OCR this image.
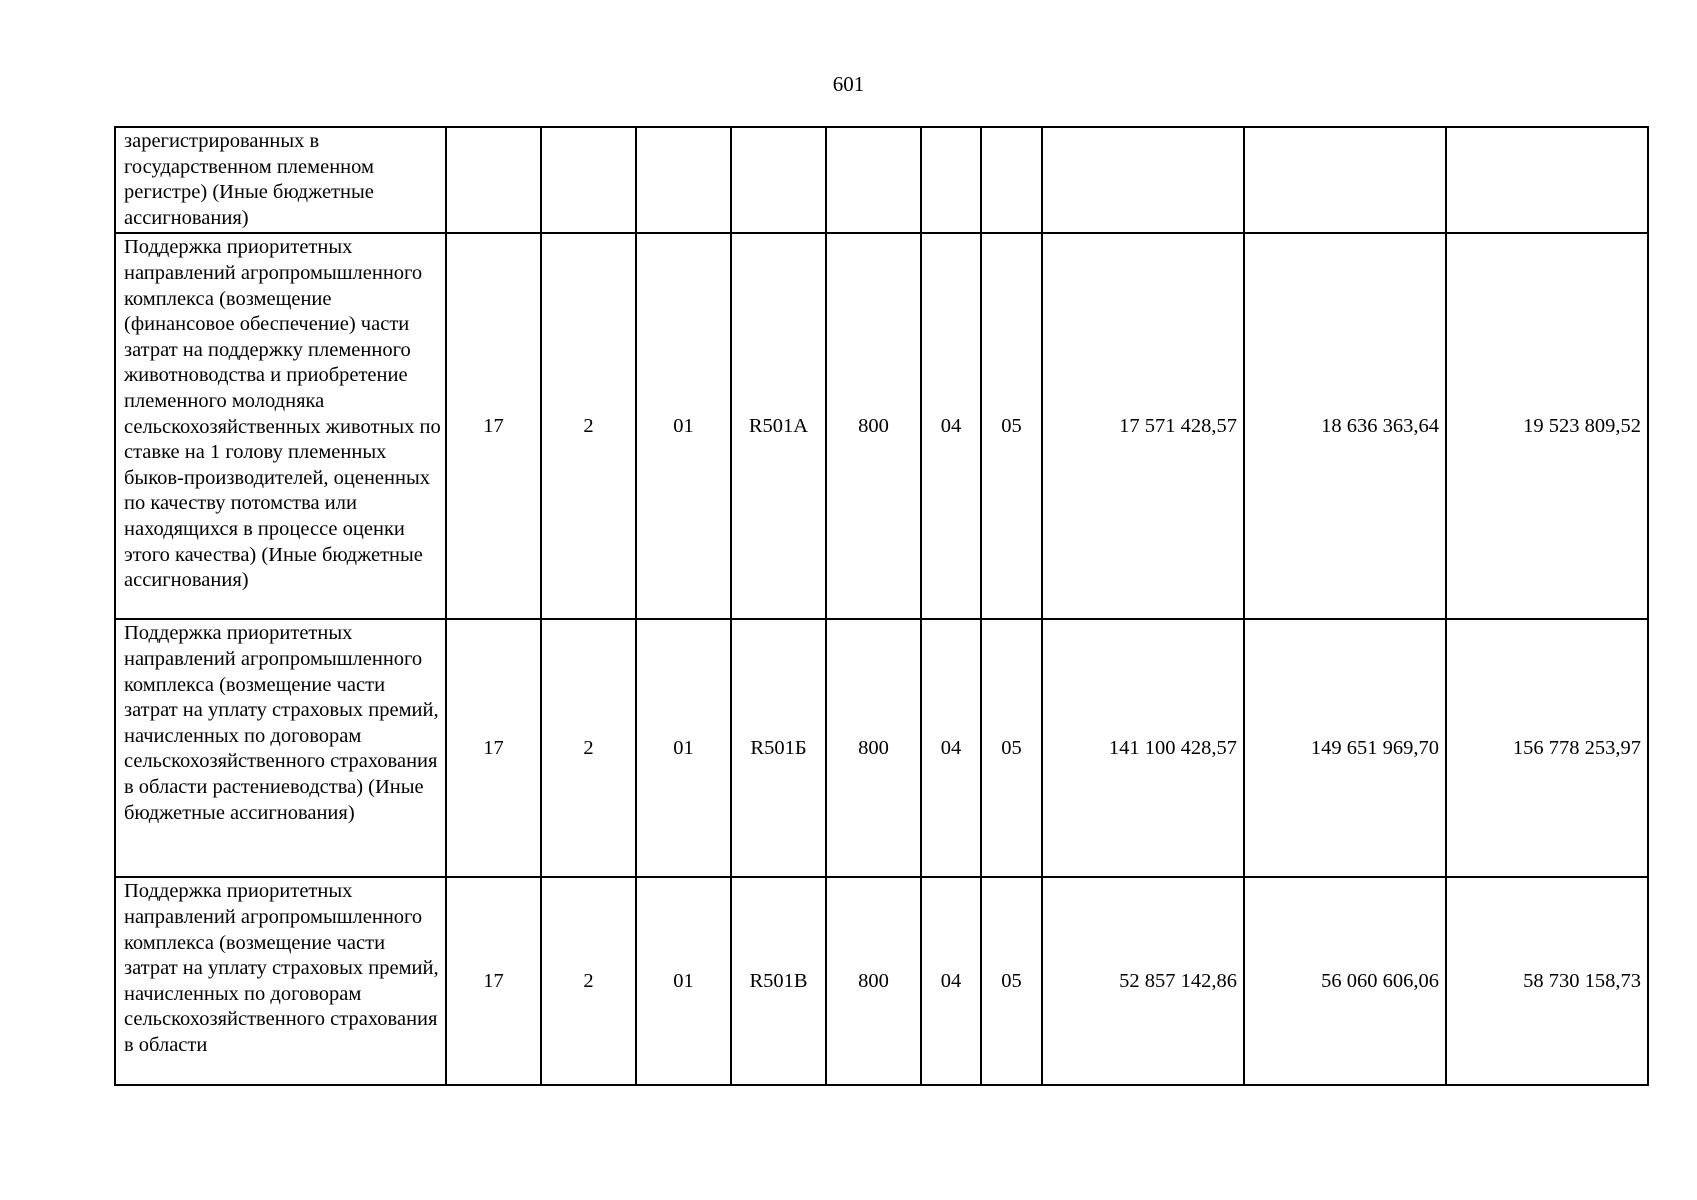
601
зарегистрированных в государственном племенном регистре) (Иные бюджетные ассигнования)										
Поддержка приоритетных направлений агропромышленного комплекса (возмещение (финансовое обеспечение) части затрат на поддержку племенного животноводства и приобретение племенного молодняка сельскохозяйственных животных по ставке на 1 голову племенных быков-производителей, оцененных по качеству потомства или находящихся в процессе оценки этого качества) (Иные бюджетные ассигнования)	17	2	01	R501A	800	04	05	17 571 428,57	18 636 363,64	19 523 809,52
Поддержка приоритетных направлений агропромышленного комплекса (возмещение части затрат на уплату страховых премий, начисленных по договорам сельскохозяйственного страхования в области растениеводства) (Иные бюджетные ассигнования)	17	2	01	R501Б	800	04	05	141 100 428,57	149 651 969,70	156 778 253,97
Поддержка приоритетных направлений агропромышленного комплекса (возмещение части затрат на уплату страховых премий, начисленных по договорам сельскохозяйственного страхования в области	17	2	01	R501В	800	04	05	52 857 142,86	56 060 606,06	58 730 158,73
